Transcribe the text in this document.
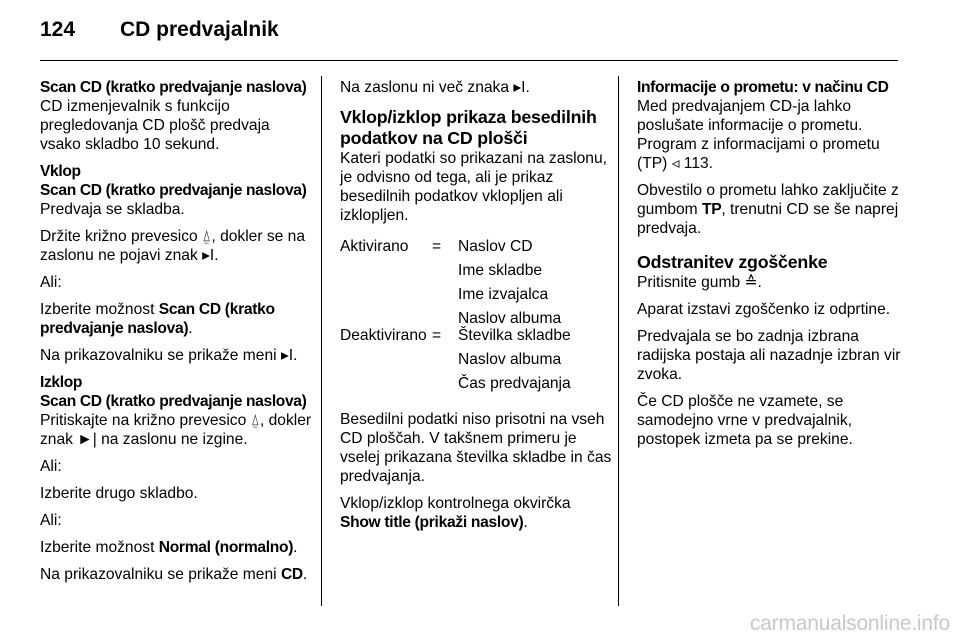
124 CD predvajalnik
Scan CD (kratko predvajanje naslova)
CD izmenjevalnik s funkcijo pregledovanja CD plošč predvaja vsako skladbo 10 sekund.
Vklop
Scan CD (kratko predvajanje naslova)
Predvaja se skladba.

Držite križno prevesico ⍙, dokler se na zaslonu ne pojavi znak ▸I.

Ali:

Izberite možnost Scan CD (kratko predvajanje naslova).

Na prikazovalniku se prikaže meni ▸I.

Izklop
Scan CD (kratko predvajanje naslova)
Pritiskajte na križno prevesico ⍙, dokler znak ►| na zaslonu ne izgine.

Ali:

Izberite drugo skladbo.

Ali:

Izberite možnost Normal (normalno).

Na prikazovalniku se prikaže meni CD.

Na zaslonu ni več znaka ▸I.

Vklop/izklop prikaza besedilnih podatkov na CD plošči

Kateri podatki so prikazani na zaslonu, je odvisno od tega, ali je prikaz besedilnih podatkov vklopljen ali izklopljen.

Aktivirano	=	Naslov CD
Ime skladbe
Ime izvajalca
Naslov albuma
Deaktivirano =	Številka skladbe
Naslov albuma
Čas predvajanja

Besedilni podatki niso prisotni na vseh CD ploščah. V takšnem primeru je vselej prikazana številka skladbe in čas predvajanja.

Vklop/izklop kontrolnega okvirčka
Show title (prikaži naslov).

Informacije o prometu: v načinu CD
Med predvajanjem CD-ja lahko poslušate informacije o prometu. Program z informacijami o prometu (TP) ◃ 113.

Obvestilo o prometu lahko zaključite z gumbom TP, trenutni CD se še naprej predvaja.

Odstranitev zgoščenke

Pritisnite gumb ≙.

Aparat izstavi zgoščenko iz odprtine.

Predvajala se bo zadnja izbrana radijska postaja ali nazadnje izbran vir zvoka.

Če CD plošče ne vzamete, se samodejno vrne v predvajalnik, postopek izmeta pa se prekine.

carmanualsonline.info
